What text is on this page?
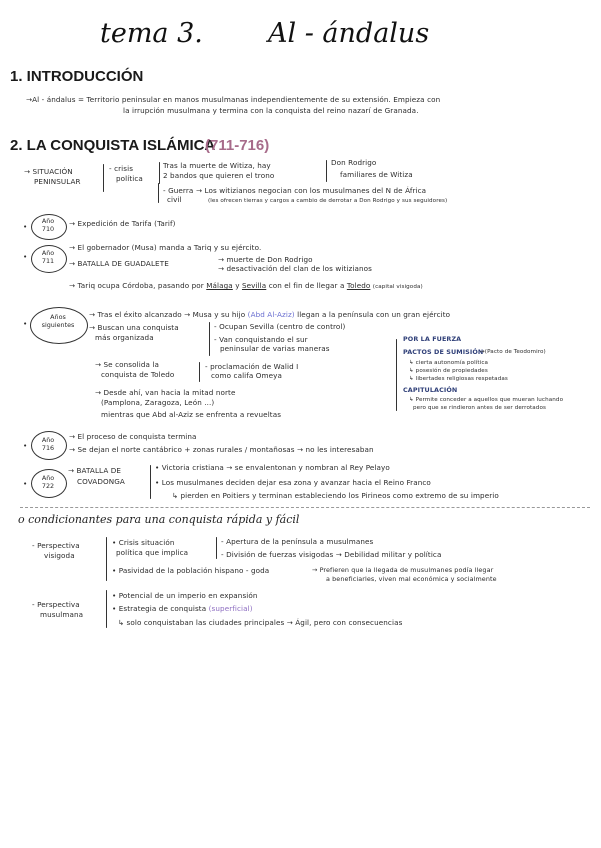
tema 3. Al - ándalus
1. INTRODUCCIÓN
→Al - ándalus = Territorio peninsular en manos musulmanas independientemente de su extensión. Empieza con
la irrupción musulmana y termina con la conquista del reino nazarí de Granada.
2. LA CONQUISTA ISLÁMICA
(711-716)
→ SITUACIÓN
PENINSULAR
- crisis
política
Tras la muerte de Witiza, hay
2 bandos que quieren el trono
Don Rodrigo
familiares de Witiza
- Guerra
civil
→ Los witizianos negocian con los musulmanes del N de África
(les ofrecen tierras y cargos a cambio de derrotar a Don Rodrigo y sus seguidores)
•
Año
710
→ Expedición de Tarifa (Tarif)
•	Año
711
→ El gobernador (Musa) manda a Tariq y su ejército.
→ BATALLA DE GUADALETE	→ muerte de Don Rodrigo
→ desactivación del clan de los witizianos
→ Tariq ocupa Córdoba, pasando por Málaga y Sevilla con el fin de llegar a Toledo (capital visigoda)
•
Años
siguientes
→ Tras el éxito alcanzado → Musa y su hijo (Abd Al-Aziz) llegan a la península con un gran ejército
→ Buscan una conquista
más organizada
- Ocupan Sevilla (centro de control)
- Van conquistando el sur
peninsular de varias maneras
POR LA FUERZA
PACTOS DE SUMISIÓN
→(Pacto de Teodomiro)
↳ cierta autonomía política
↳ posesión de propiedades
↳ libertades religiosas respetadas
CAPITULACIÓN
↳ Permite conceder a aquellos que mueran luchando
pero que se rindieron antes de ser derrotados
→ Se consolida la
conquista de Toledo
- proclamación de Walid I
como califa Omeya
→ Desde ahí, van hacia la mitad norte
(Pamplona, Zaragoza, León ...)
mientras que Abd al-Aziz se enfrenta a revueltas
•
Año
716
→ El proceso de conquista termina
→ Se dejan el norte cantábrico + zonas rurales / montañosas → no les interesaban
•
Año
722
→ BATALLA DE
COVADONGA
• Victoria cristiana → se envalentonan y nombran al Rey Pelayo
• Los musulmanes deciden dejar esa zona y avanzar hacia el Reino Franco
↳ pierden en Poitiers y terminan estableciendo los Pirineos como extremo de su imperio
o condicionantes para una conquista rápida y fácil
- Perspectiva
visigoda
• Crisis situación
política que implica
- Apertura de la península a musulmanes
- División de fuerzas visigodas → Debilidad militar y política
• Pasividad de la población hispano - goda	→ Prefieren que la llegada de musulmanes podía llegar
a beneficiarles, viven mal económica y socialmente
- Perspectiva
musulmana
• Potencial de un imperio en expansión
• Estrategia de conquista (superficial)
↳ solo conquistaban las ciudades principales → Ágil, pero con consecuencias
